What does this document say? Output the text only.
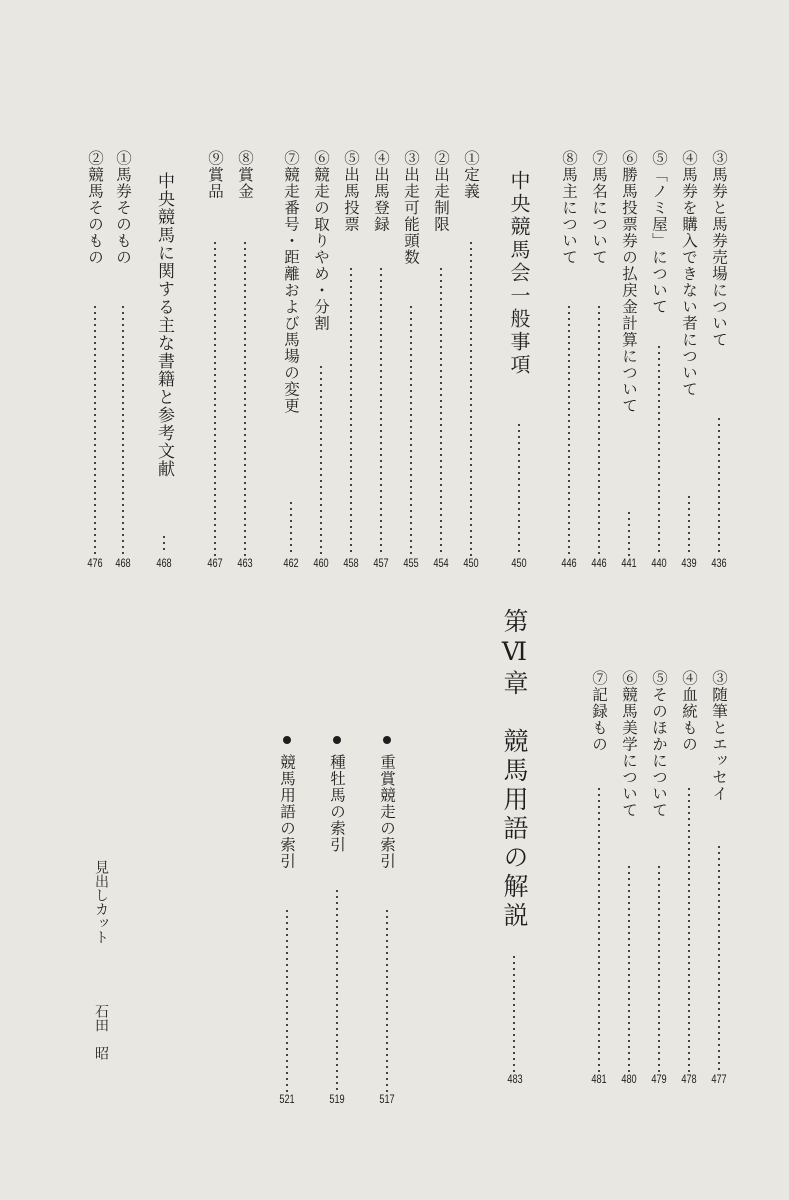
③馬券と馬券売場について
436
④馬券を購入できない者について
439
⑤「ノミ屋」について
440
⑥勝馬投票券の払戻金計算について
441
⑦馬名について
446
⑧馬主について
446
中央競馬会一般事項
450
①定義
450
②出走制限
454
③出走可能頭数
455
④出馬登録
457
⑤出馬投票
458
⑥競走の取りやめ・分割
460
⑦競走番号・距離および馬場の変更
462
⑧賞金
463
⑨賞品
467
中央競馬に関する主な書籍と参考文献
468
①馬券そのもの
468
②競馬そのもの
476
③随筆とエッセイ
477
④血統もの
478
⑤そのほかについて
479
⑥競馬美学について
480
⑦記録もの
481
第Ⅵ章　競馬用語の解説
483
重賞競走の索引
517
種牡馬の索引
519
競馬用語の索引
521
見出しカット
石田　昭
